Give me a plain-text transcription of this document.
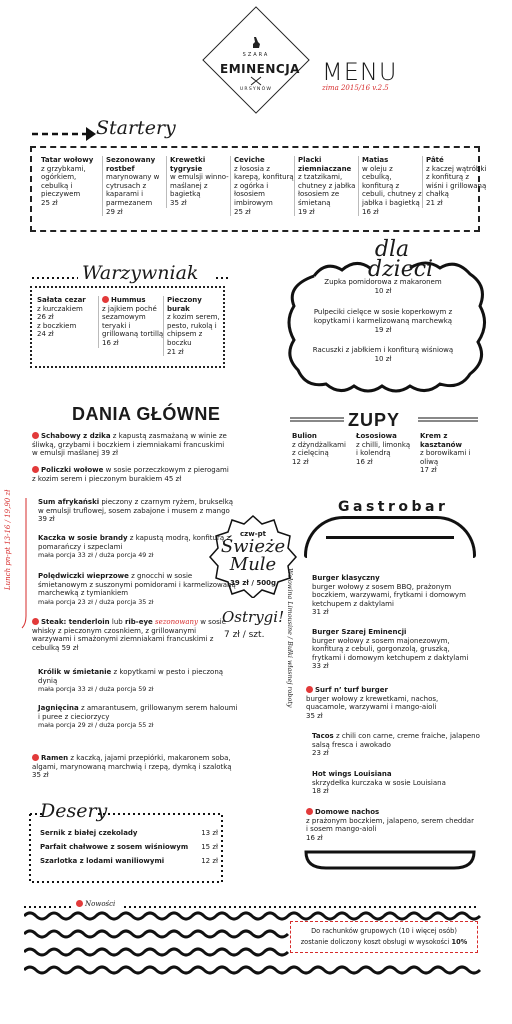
SZARA
EMINENCJA
URSYNÓW
MENU
zima 2015/16 v.2.5
Startery
Tatar wołowy
z grzybkami, ogórkiem, cebulką i pieczywem
25 zł
Sezonowany rostbef
marynowany w cytrusach z kaparami i parmezanem
29 zł
Krewetki tygrysie
w emulsji winno-maślanej z bagietką
35 zł
Ceviche
z łososia z karepą, konfiturą z ogórka i łososiem imbirowym
25 zł
Placki ziemniaczane
z tzatzikami, chutney z jabłka i łososiem ze śmietaną
19 zł
Matias
w oleju z cebulką, konfiturą z cebuli, chutney z jabłka i bagietką
16 zł
Pâté
z kaczej wątróbki z konfiturą z wiśni i grillowaną chałką
21 zł
Warzywniak
Sałata cezar
z kurczakiem
26 zł
z boczkiem
24 zł
Hummus
z jajkiem poché sezamowym teryaki i grillowaną tortillą
16 zł
Pieczony burak
z kozim serem, pesto, rukolą i chipsem z boczku
21 zł
dla dzieci
Zupka pomidorowa z makaronem
10 zł
Pulpeciki cielęce w sosie koperkowym z kopytkami i karmelizowaną marchewką
19 zł
Racuszki z jabłkiem i konfiturą wiśniową
10 zł
DANIA GŁÓWNE
Lunch pn-pt 13-16 / 19,90 zł
Schabowy z dzika z kapustą zasmażaną w winie ze śliwką, grzybami i boczkiem i ziemniakami francuskimi w emulsji maślanej 39 zł
Policzki wołowe w sosie porzeczkowym z pierogami z kozim serem i pieczonym burakiem 45 zł
Sum afrykański pieczony z czarnym ryżem, brukselką w emulsji truflowej, sosem zabajone i musem z mango 39 zł
Kaczka w sosie brandy z kapustą modrą, konfiturą z pomarańczy i szpeclami
mała porcja 33 zł / duża porcja 49 zł
Polędwiczki wieprzowe z gnocchi w sosie śmietanowym z suszonymi pomidorami i karmelizowaną marchewką z tymiankiem
mała porcja 23 zł / duża porcja 35 zł
Steak: tenderloin lub rib-eye sezonowany w sosie whisky z pieczonym czosnkiem, z grillowanymi warzywami i smażonymi ziemniakami francuskimi z cebulką 59 zł
Królik w śmietanie z kopytkami w pesto i pieczoną dynią
mała porcja 33 zł / duża porcja 59 zł
Jagnięcina z amarantusem, grillowanym serem haloumi i puree z cieciorzycy
mała porcja 29 zł / duża porcja 55 zł
Ramen z kaczką, jajami przepiórki, makaronem soba, algami, marynowaną marchwią i rzepą, dymką i szalotką 35 zł
czw-pt
Świeże
Mule
39 zł / 500g
Ostrygi!
7 zł / szt.
ZUPY
Bulion
z dżyndżalkami z cielęciną
12 zł
Łososiowa
z chilli, limonką i kolendrą
16 zł
Krem z kasztanów
z borowikami i oliwą
17 zł
Gastrobar
Wołowina Limousine / Bułki własnej roboty	Burger klasyczny
burger wołowy z sosem BBQ, prażonym boczkiem, warzywami, frytkami i domowym ketchupem z daktylami
31 zł
Burger Szarej Eminencji
burger wołowy z sosem majonezowym, konfiturą z cebuli, gorgonzolą, gruszką, frytkami i domowym ketchupem z daktylami
33 zł
Surf n’ turf burger
burger wołowy z krewetkami, nachos, quacamole, warzywami i mango-aioli
35 zł
Tacos z chili con carne, creme fraiche, jalapeno salsą fresca i awokado
23 zł
Hot wings Louisiana
skrzydełka kurczaka w sosie Louisiana
18 zł
Domowe nachos
z prażonym boczkiem, jalapeno, serem cheddar i sosem mango-aioli
16 zł
Desery
Sernik z białej czekolady	13 zł
Parfait chałwowe z sosem wiśniowym 15 zł
Szarlotka z lodami waniliowymi	12 zł
Nowości
Do rachunków grupowych (10 i więcej osób)
zostanie doliczony koszt obsługi w wysokości 10%
